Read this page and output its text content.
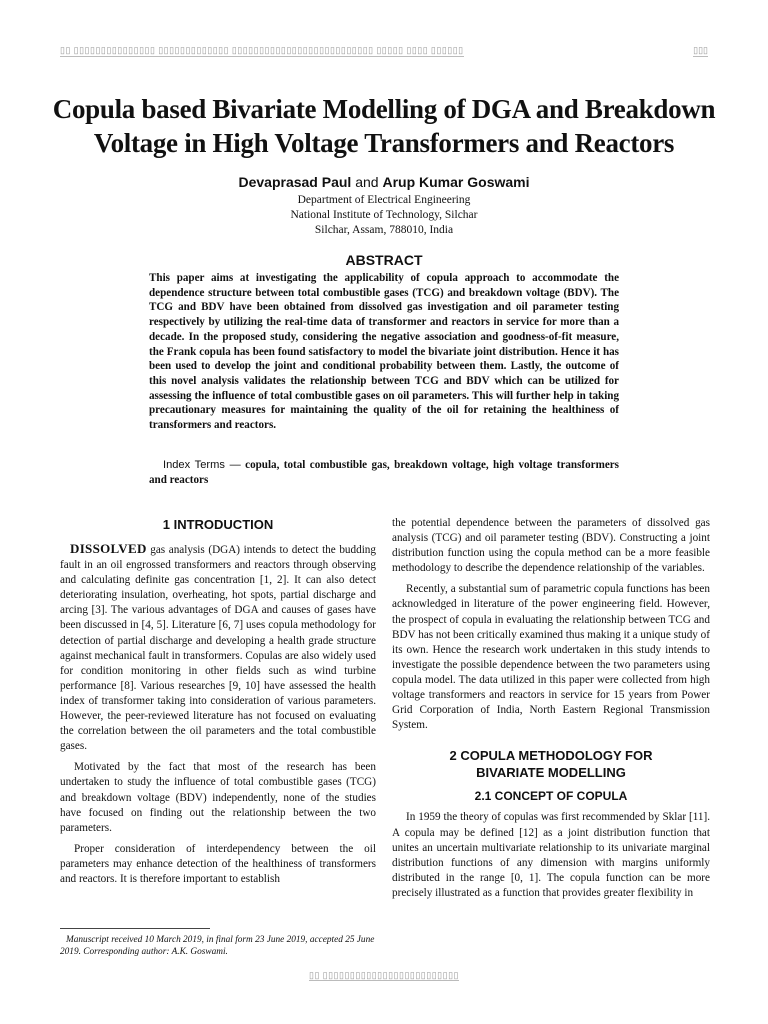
▯▯ ▯▯▯▯▯▯▯▯▯▯▯▯▯▯▯ ▯▯▯▯▯▯▯▯▯▯▯▯▯ ▯▯▯▯▯▯▯▯▯▯▯▯▯▯▯▯▯▯▯▯▯▯▯▯▯▯ ▯▯▯▯▯ ▯▯▯▯ ▯▯▯▯▯▯	▯▯▯
Copula based Bivariate Modelling of DGA and Breakdown Voltage in High Voltage Transformers and Reactors
Devaprasad Paul and Arup Kumar Goswami
Department of Electrical Engineering
National Institute of Technology, Silchar
Silchar, Assam, 788010, India
ABSTRACT
This paper aims at investigating the applicability of copula approach to accommodate the dependence structure between total combustible gases (TCG) and breakdown voltage (BDV). The TCG and BDV have been obtained from dissolved gas investigation and oil parameter testing respectively by utilizing the real-time data of transformer and reactors in service for more than a decade. In the proposed study, considering the negative association and goodness-of-fit measure, the Frank copula has been found satisfactory to model the bivariate joint distribution. Hence it has been used to develop the joint and conditional probability between them. Lastly, the outcome of this novel analysis validates the relationship between TCG and BDV which can be utilized for assessing the influence of total combustible gases on oil parameters. This will further help in taking precautionary measures for maintaining the quality of the oil for retaining the healthiness of transformers and reactors.
Index Terms — copula, total combustible gas, breakdown voltage, high voltage transformers and reactors
1 INTRODUCTION

DISSOLVED gas analysis (DGA) intends to detect the budding fault in an oil engrossed transformers and reactors through observing and calculating definite gas concentration [1, 2]. It can also detect deteriorating insulation, overheating, hot spots, partial discharge and arcing [3]. The various advantages of DGA and causes of gases have been discussed in [4, 5]. Literature [6, 7] uses copula methodology for detection of partial discharge and developing a health grade structure against mechanical fault in transformers. Copulas are also widely used for condition monitoring in other fields such as wind turbine performance [8]. Various researches [9, 10] have assessed the health index of transformer taking into consideration of various parameters. However, the peer-reviewed literature has not focused on evaluating the correlation between the oil parameters and the total combustible gases.

Motivated by the fact that most of the research has been undertaken to study the influence of total combustible gases (TCG) and breakdown voltage (BDV) independently, none of the studies have focused on finding out the relationship between the two parameters.

Proper consideration of interdependency between the oil parameters may enhance detection of the healthiness of transformers and reactors. It is therefore important to establish

the potential dependence between the parameters of dissolved gas analysis (TCG) and oil parameter testing (BDV). Constructing a joint distribution function using the copula method can be a more feasible methodology to describe the dependence relationship of the variables.

Recently, a substantial sum of parametric copula functions has been acknowledged in literature of the power engineering field. However, the prospect of copula in evaluating the relationship between TCG and BDV has not been critically examined thus making it a unique study of its own. Hence the research work undertaken in this study intends to investigate the possible dependence between the two parameters using copula model. The data utilized in this paper were collected from high voltage transformers and reactors in service for 15 years from Power Grid Corporation of India, North Eastern Regional Transmission System.

2 COPULA METHODOLOGY FOR
BIVARIATE MODELLING
2.1 CONCEPT OF COPULA

In 1959 the theory of copulas was first recommended by Sklar [11]. A copula may be defined [12] as a joint distribution function that unites an uncertain multivariate relationship to its univariate marginal distribution functions of any dimension with margins uniformly distributed in the range [0, 1]. The copula function can be more precisely illustrated as a function that provides greater flexibility in

Manuscript received 10 March 2019, in final form 23 June 2019, accepted 25 June 2019. Corresponding author: A.K. Goswami.
▯▯ ▯▯▯▯▯▯▯▯▯▯▯▯▯▯▯▯▯▯▯▯▯▯▯▯▯
